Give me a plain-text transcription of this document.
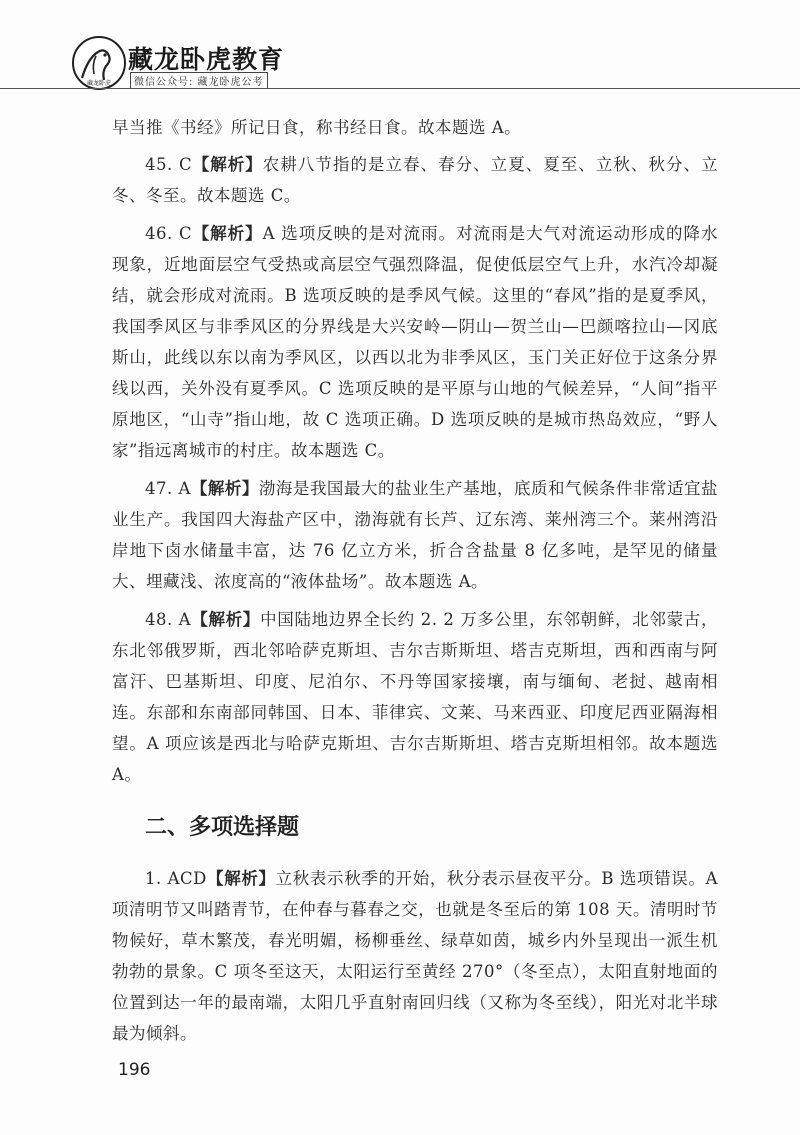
藏龙卧虎
藏龙卧虎教育
微信公众号: 藏龙卧虎公考

早当推《书经》所记日食，称书经日食。故本题选 A。

45. C【解析】农耕八节指的是立春、春分、立夏、夏至、立秋、秋分、立冬、冬至。故本题选 C。

46. C【解析】A 选项反映的是对流雨。对流雨是大气对流运动形成的降水现象，近地面层空气受热或高层空气强烈降温，促使低层空气上升，水汽冷却凝结，就会形成对流雨。B 选项反映的是季风气候。这里的“春风”指的是夏季风，我国季风区与非季风区的分界线是大兴安岭—阴山—贺兰山—巴颜喀拉山—冈底斯山，此线以东以南为季风区，以西以北为非季风区，玉门关正好位于这条分界线以西，关外没有夏季风。C 选项反映的是平原与山地的气候差异，“人间”指平原地区，“山寺”指山地，故 C 选项正确。D 选项反映的是城市热岛效应，“野人家”指远离城市的村庄。故本题选 C。

47. A【解析】渤海是我国最大的盐业生产基地，底质和气候条件非常适宜盐业生产。我国四大海盐产区中，渤海就有长芦、辽东湾、莱州湾三个。莱州湾沿岸地下卤水储量丰富，达 76 亿立方米，折合含盐量 8 亿多吨，是罕见的储量大、埋藏浅、浓度高的“液体盐场”。故本题选 A。

48. A【解析】中国陆地边界全长约 2. 2 万多公里，东邻朝鲜，北邻蒙古，东北邻俄罗斯，西北邻哈萨克斯坦、吉尔吉斯斯坦、塔吉克斯坦，西和西南与阿富汗、巴基斯坦、印度、尼泊尔、不丹等国家接壤，南与缅甸、老挝、越南相连。东部和东南部同韩国、日本、菲律宾、文莱、马来西亚、印度尼西亚隔海相望。A 项应该是西北与哈萨克斯坦、吉尔吉斯斯坦、塔吉克斯坦相邻。故本题选 A。

二、多项选择题

1. ACD【解析】立秋表示秋季的开始，秋分表示昼夜平分。B 选项错误。A 项清明节又叫踏青节，在仲春与暮春之交，也就是冬至后的第 108 天。清明时节物候好，草木繁茂，春光明媚，杨柳垂丝、绿草如茵，城乡内外呈现出一派生机勃勃的景象。C 项冬至这天，太阳运行至黄经 270°（冬至点），太阳直射地面的位置到达一年的最南端，太阳几乎直射南回归线（又称为冬至线），阳光对北半球最为倾斜。

196
